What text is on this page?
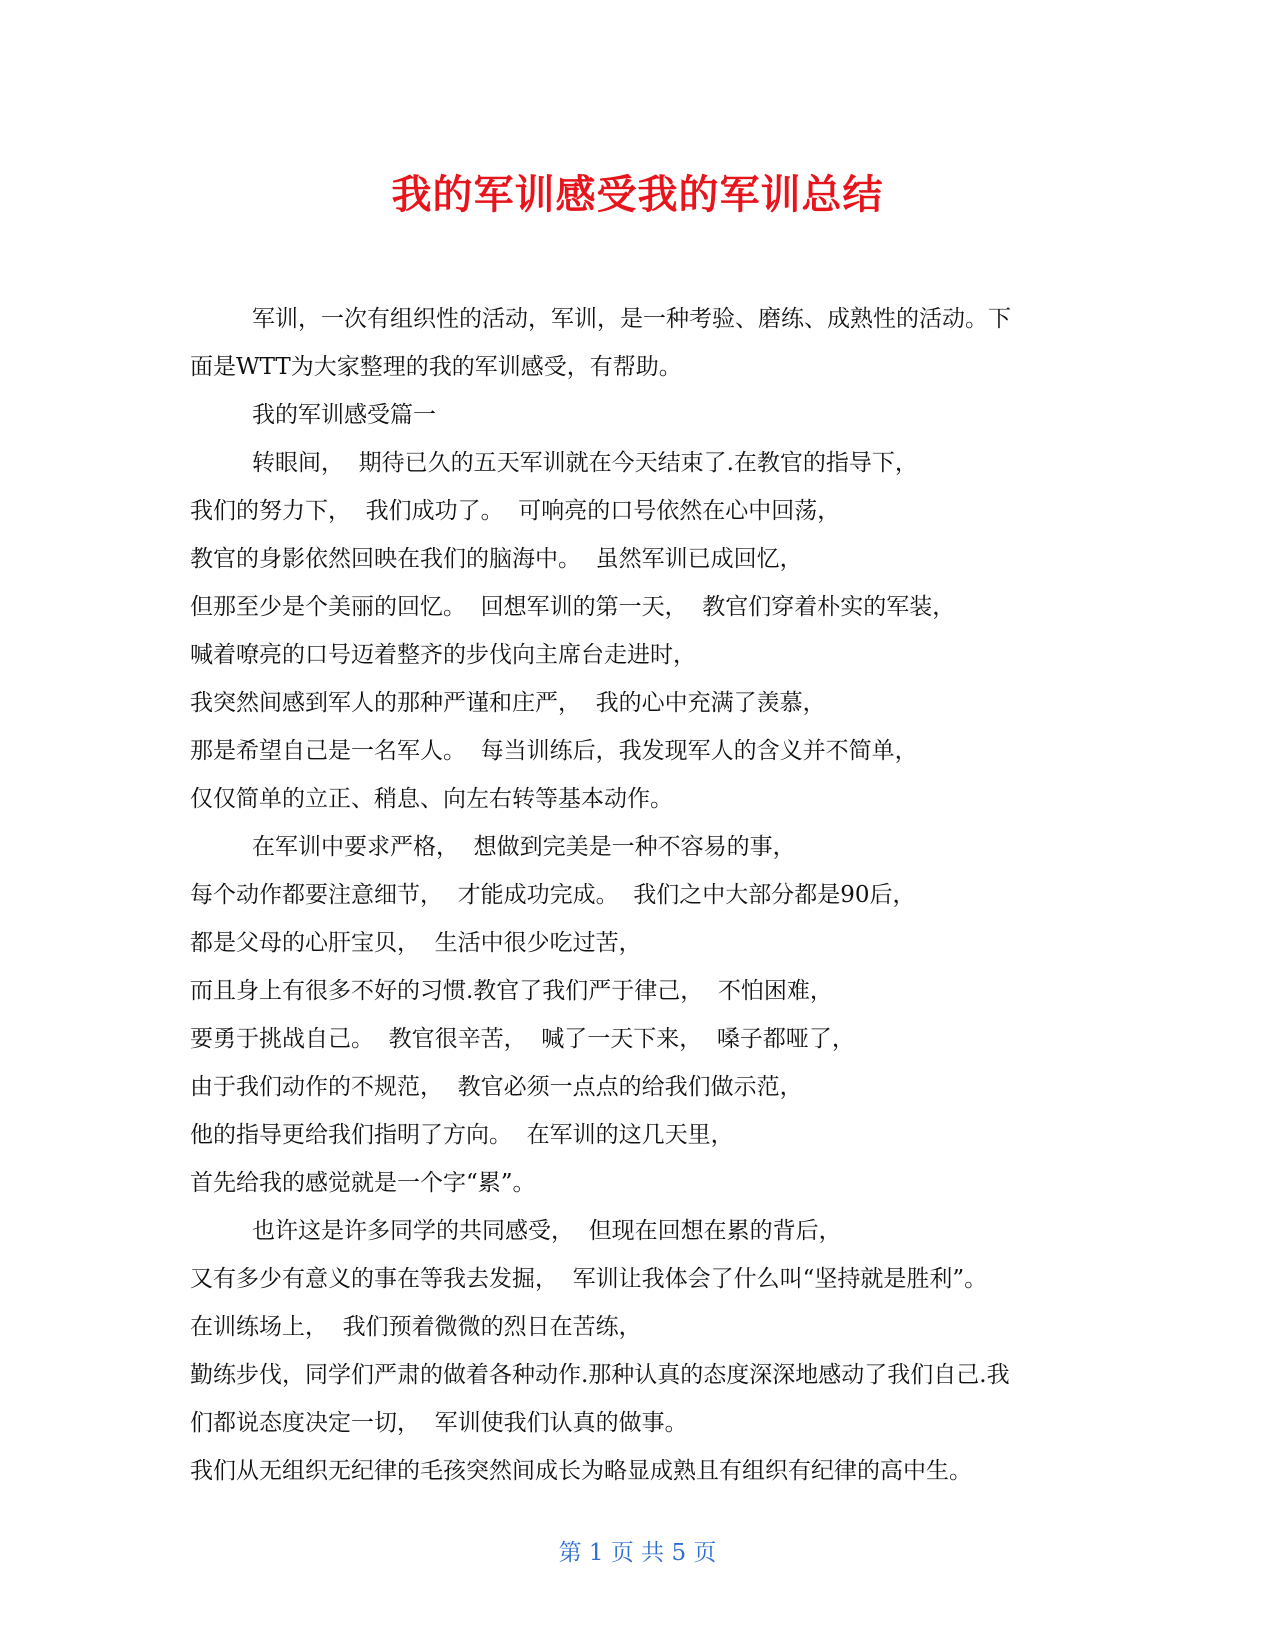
我的军训感受我的军训总结
军训，一次有组织性的活动，军训，是一种考验、磨练、成熟性的活动。下
面是WTT为大家整理的我的军训感受，有帮助。
我的军训感受篇一
转眼间，  期待已久的五天军训就在今天结束了.在教官的指导下，
我们的努力下，  我们成功了。  可响亮的口号依然在心中回荡，
教官的身影依然回映在我们的脑海中。  虽然军训已成回忆，
但那至少是个美丽的回忆。  回想军训的第一天，  教官们穿着朴实的军装，
喊着嘹亮的口号迈着整齐的步伐向主席台走进时，
我突然间感到军人的那种严谨和庄严，  我的心中充满了羡慕，
那是希望自己是一名军人。  每当训练后，我发现军人的含义并不简单，
仅仅简单的立正、稍息、向左右转等基本动作。
在军训中要求严格，  想做到完美是一种不容易的事，
每个动作都要注意细节，  才能成功完成。  我们之中大部分都是90后，
都是父母的心肝宝贝，  生活中很少吃过苦，
而且身上有很多不好的习惯.教官了我们严于律己，  不怕困难，
要勇于挑战自己。  教官很辛苦，  喊了一天下来，  嗓子都哑了，
由于我们动作的不规范，  教官必须一点点的给我们做示范，
他的指导更给我们指明了方向。  在军训的这几天里，
首先给我的感觉就是一个字“累”。
也许这是许多同学的共同感受，  但现在回想在累的背后，
又有多少有意义的事在等我去发掘，  军训让我体会了什么叫“坚持就是胜利”。
在训练场上，  我们预着微微的烈日在苦练，
勤练步伐，同学们严肃的做着各种动作.那种认真的态度深深地感动了我们自己.我
们都说态度决定一切，  军训使我们认真的做事。
我们从无组织无纪律的毛孩突然间成长为略显成熟且有组织有纪律的高中生。
第 1 页 共 5 页
